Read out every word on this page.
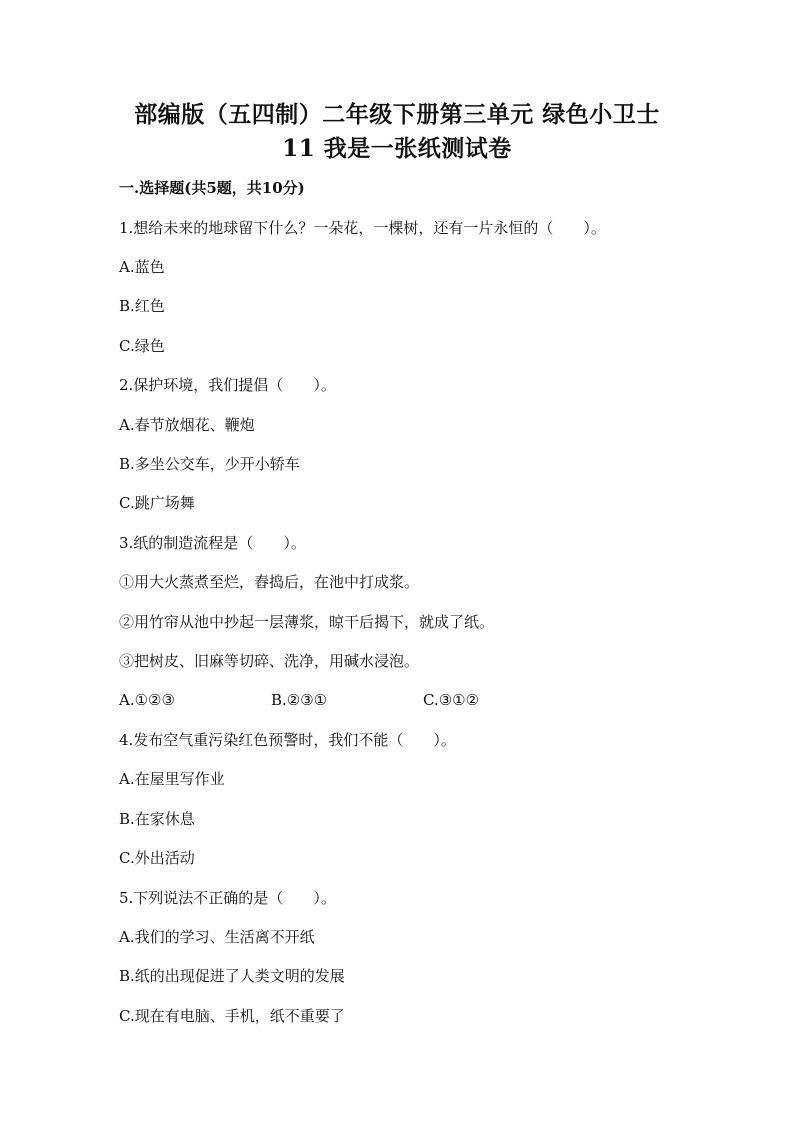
部编版（五四制）二年级下册第三单元 绿色小卫士
11 我是一张纸测试卷
一.选择题(共5题，共10分)
1.想给未来的地球留下什么？一朵花，一棵树，还有一片永恒的（　　）。
A.蓝色
B.红色
C.绿色
2.保护环境，我们提倡（　　）。
A.春节放烟花、鞭炮
B.多坐公交车，少开小轿车
C.跳广场舞
3.纸的制造流程是（　　）。
①用大火蒸煮至烂，舂捣后，在池中打成浆。
②用竹帘从池中抄起一层薄浆，晾干后揭下，就成了纸。
③把树皮、旧麻等切碎、洗净，用碱水浸泡。
A.①②③	B.②③①	C.③①②
4.发布空气重污染红色预警时，我们不能（　　）。
A.在屋里写作业
B.在家休息
C.外出活动
5.下列说法不正确的是（　　）。
A.我们的学习、生活离不开纸
B.纸的出现促进了人类文明的发展
C.现在有电脑、手机，纸不重要了
